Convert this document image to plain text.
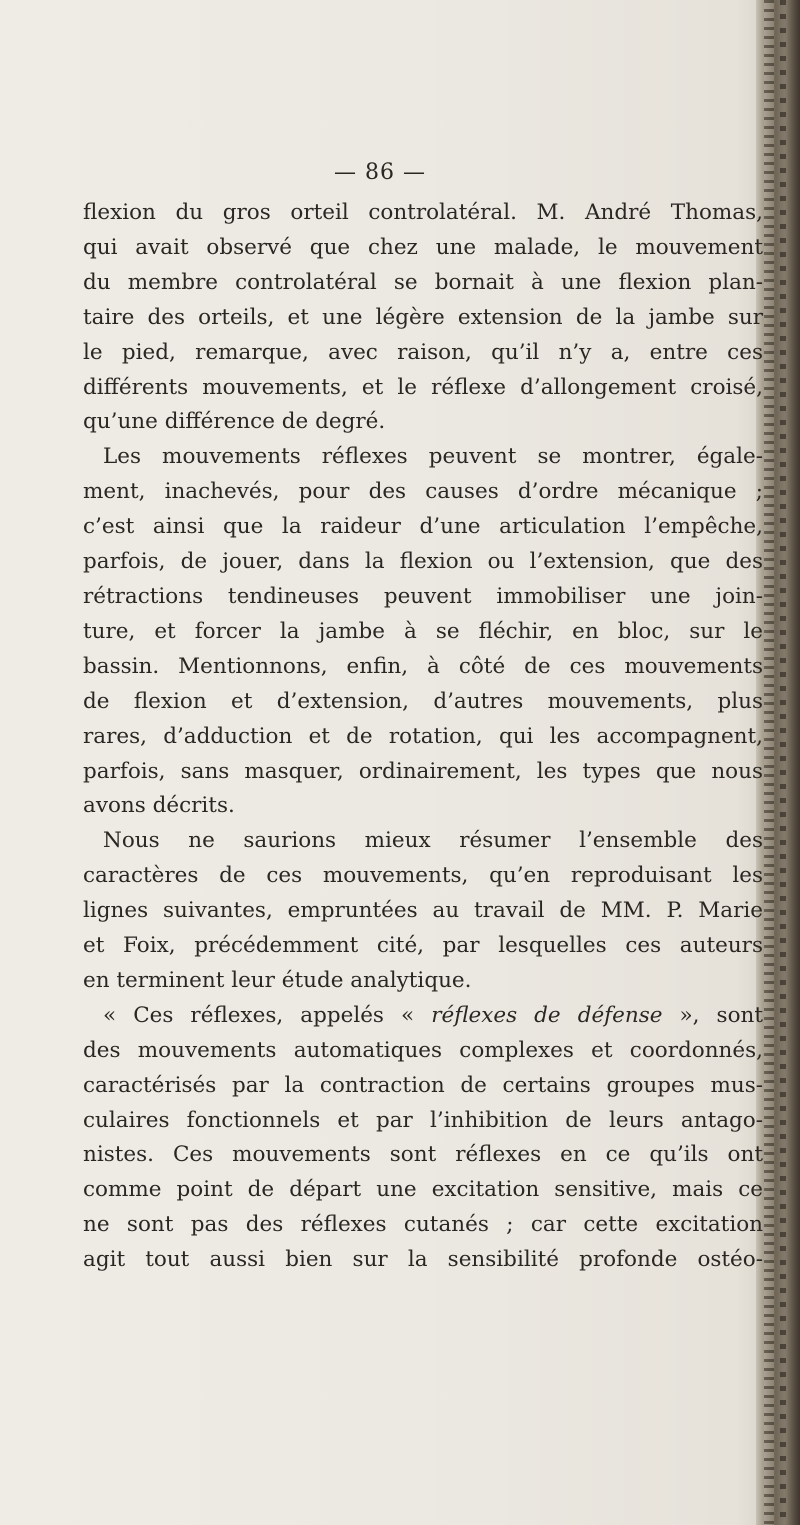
— 86 —
flexion du gros orteil controlatéral. M. André Thomas,
qui avait observé que chez une malade, le mouvement
du membre controlatéral se bornait à une flexion plan-
taire des orteils, et une légère extension de la jambe sur
le pied, remarque, avec raison, qu’il n’y a, entre ces
différents mouvements, et le réflexe d’allongement croisé,
qu’une différence de degré.
Les mouvements réflexes peuvent se montrer, égale-
ment, inachevés, pour des causes d’ordre mécanique ;
c’est ainsi que la raideur d’une articulation l’empêche,
parfois, de jouer, dans la flexion ou l’extension, que des
rétractions tendineuses peuvent immobiliser une join-
ture, et forcer la jambe à se fléchir, en bloc, sur le
bassin. Mentionnons, enfin, à côté de ces mouvements
de flexion et d’extension, d’autres mouvements, plus
rares, d’adduction et de rotation, qui les accompagnent,
parfois, sans masquer, ordinairement, les types que nous
avons décrits.
Nous ne saurions mieux résumer l’ensemble des
caractères de ces mouvements, qu’en reproduisant les
lignes suivantes, empruntées au travail de MM. P. Marie
et Foix, précédemment cité, par lesquelles ces auteurs
en terminent leur étude analytique.
« Ces réflexes, appelés « réflexes de défense », sont
des mouvements automatiques complexes et coordonnés,
caractérisés par la contraction de certains groupes mus-
culaires fonctionnels et par l’inhibition de leurs antago-
nistes. Ces mouvements sont réflexes en ce qu’ils ont
comme point de départ une excitation sensitive, mais ce
ne sont pas des réflexes cutanés ; car cette excitation
agit tout aussi bien sur la sensibilité profonde ostéo-
